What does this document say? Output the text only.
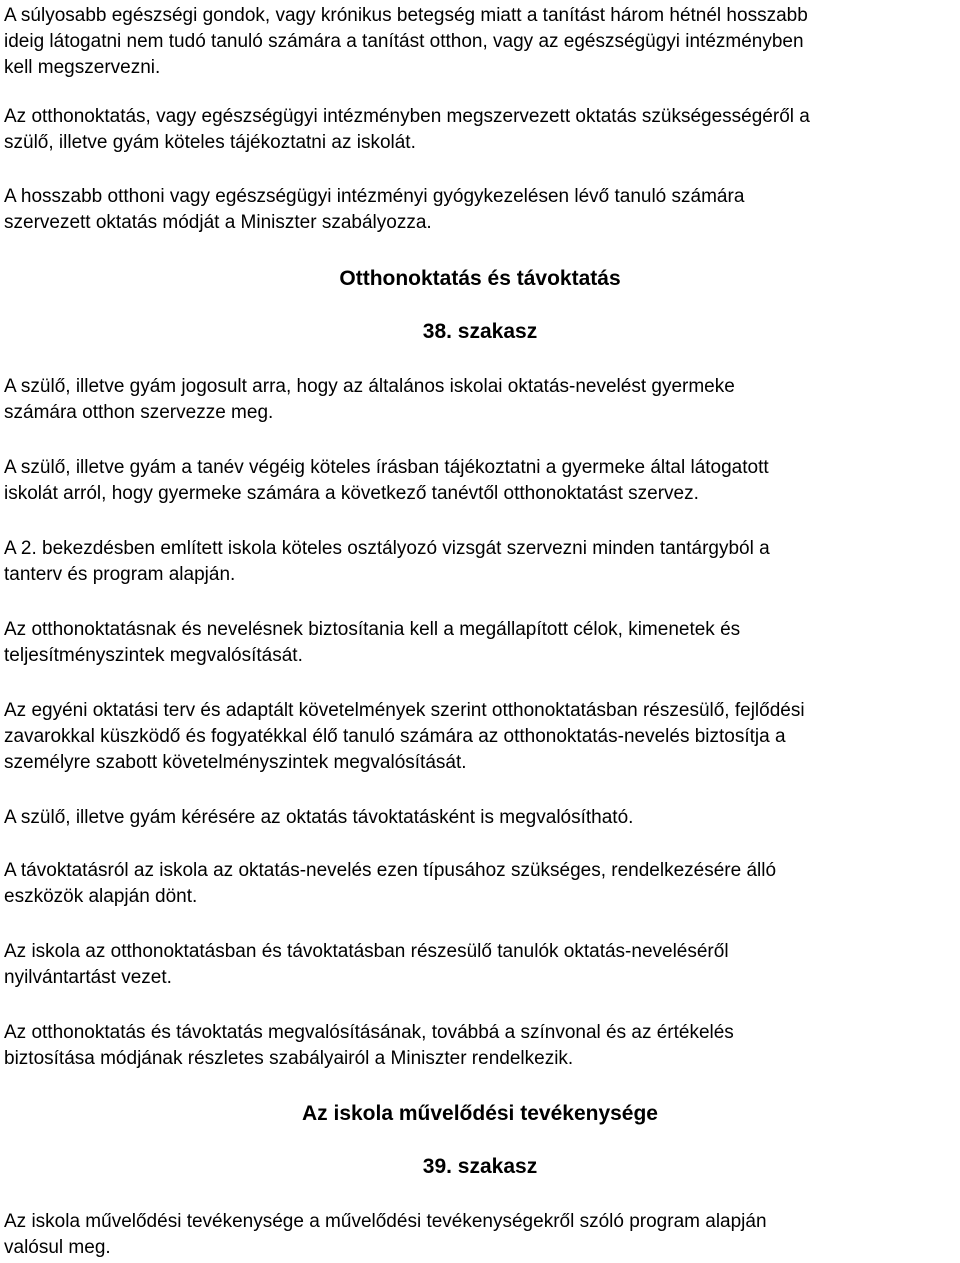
A súlyosabb egészségi gondok, vagy krónikus betegség miatt a tanítást három hétnél hosszabb
ideig látogatni nem tudó tanuló számára a tanítást otthon, vagy az egészségügyi intézményben
kell megszervezni.

Az otthonoktatás, vagy egészségügyi intézményben megszervezett oktatás szükségességéről a
szülő, illetve gyám köteles tájékoztatni az iskolát.

A hosszabb otthoni vagy egészségügyi intézményi gyógykezelésen lévő tanuló számára
szervezett oktatás módját a Miniszter szabályozza.

Otthonoktatás és távoktatás
38. szakasz

A szülő, illetve gyám jogosult arra, hogy az általános iskolai oktatás-nevelést gyermeke
számára otthon szervezze meg.

A szülő, illetve gyám a tanév végéig köteles írásban tájékoztatni a gyermeke által látogatott
iskolát arról, hogy gyermeke számára a következő tanévtől otthonoktatást szervez.

A 2. bekezdésben említett iskola köteles osztályozó vizsgát szervezni minden tantárgyból a
tanterv és program alapján.

Az otthonoktatásnak és nevelésnek biztosítania kell a megállapított célok, kimenetek és
teljesítményszintek megvalósítását.

Az egyéni oktatási terv és adaptált követelmények szerint otthonoktatásban részesülő, fejlődési
zavarokkal küszködő és fogyatékkal élő tanuló számára az otthonoktatás-nevelés biztosítja a
személyre szabott követelményszintek megvalósítását.

A szülő, illetve gyám kérésére az oktatás távoktatásként is megvalósítható.

A távoktatásról az iskola az oktatás-nevelés ezen típusához szükséges, rendelkezésére álló
eszközök alapján dönt.

Az iskola az otthonoktatásban és távoktatásban részesülő tanulók oktatás-neveléséről
nyilvántartást vezet.

Az otthonoktatás és távoktatás megvalósításának, továbbá a színvonal és az értékelés
biztosítása módjának részletes szabályairól a Miniszter rendelkezik.

Az iskola művelődési tevékenysége
39. szakasz

Az iskola művelődési tevékenysége a művelődési tevékenységekről szóló program alapján
valósul meg.
